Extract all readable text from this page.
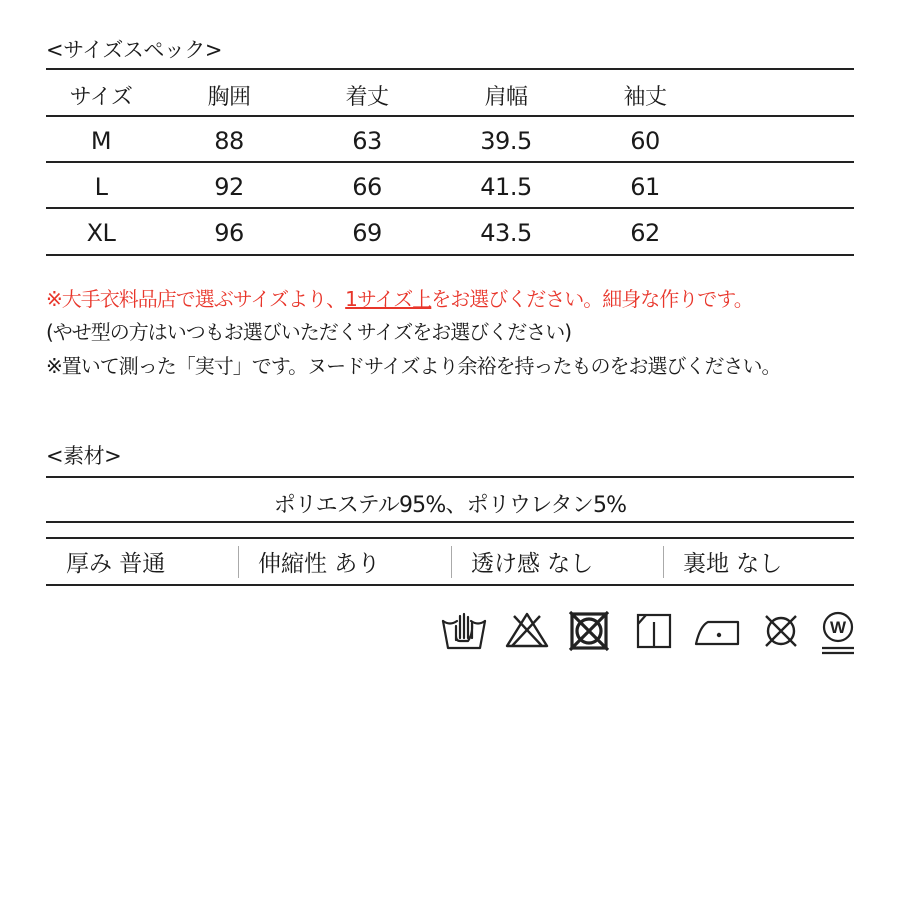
<サイズスペック>
サイズ	胸囲	着丈	肩幅	袖丈
M	88	63	39.5	60
L	92	66	41.5	61
XL	96	69	43.5	62
※大手衣料品店で選ぶサイズより、1サイズ上をお選びください。細身な作りです。
(やせ型の方はいつもお選びいただくサイズをお選びください)
※置いて測った「実寸」です。ヌードサイズより余裕を持ったものをお選びください。
<素材>
ポリエステル95%、ポリウレタン5%
厚み 普通	伸縮性 あり	透け感 なし	裏地 なし
W
